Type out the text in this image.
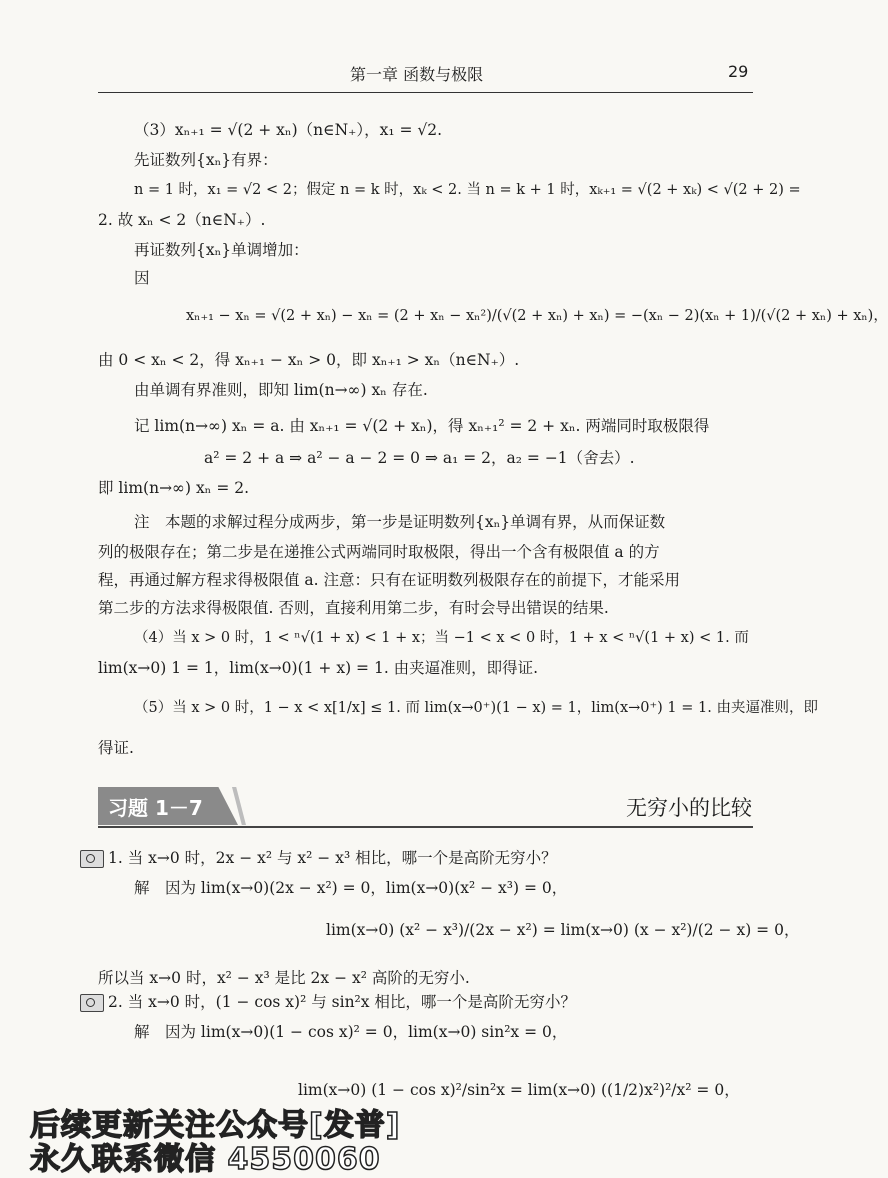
第一章 函数与极限	29
（3）xₙ₊₁ = √(2 + xₙ)（n∈N₊），x₁ = √2.
先证数列{xₙ}有界：
n = 1 时，x₁ = √2 < 2；假定 n = k 时，xₖ < 2. 当 n = k + 1 时，xₖ₊₁ = √(2 + xₖ) < √(2 + 2) =
2. 故 xₙ < 2（n∈N₊）.
再证数列{xₙ}单调增加：
因
xₙ₊₁ − xₙ = √(2 + xₙ) − xₙ = (2 + xₙ − xₙ²)/(√(2 + xₙ) + xₙ) = −(xₙ − 2)(xₙ + 1)/(√(2 + xₙ) + xₙ)，
由 0 < xₙ < 2，得 xₙ₊₁ − xₙ > 0，即 xₙ₊₁ > xₙ（n∈N₊）.
由单调有界准则，即知 lim(n→∞) xₙ 存在.
记 lim(n→∞) xₙ = a. 由 xₙ₊₁ = √(2 + xₙ)，得 xₙ₊₁² = 2 + xₙ. 两端同时取极限得
a² = 2 + a ⇒ a² − a − 2 = 0 ⇒ a₁ = 2，a₂ = −1（舍去）.
即 lim(n→∞) xₙ = 2.
注　本题的求解过程分成两步，第一步是证明数列{xₙ}单调有界，从而保证数
列的极限存在；第二步是在递推公式两端同时取极限，得出一个含有极限值 a 的方
程，再通过解方程求得极限值 a. 注意：只有在证明数列极限存在的前提下，才能采用
第二步的方法求得极限值. 否则，直接利用第二步，有时会导出错误的结果.
（4）当 x > 0 时，1 < ⁿ√(1 + x) < 1 + x；当 −1 < x < 0 时，1 + x < ⁿ√(1 + x) < 1. 而
lim(x→0) 1 = 1，lim(x→0)(1 + x) = 1. 由夹逼准则，即得证.
（5）当 x > 0 时，1 − x < x[1/x] ≤ 1. 而 lim(x→0⁺)(1 − x) = 1，lim(x→0⁺) 1 = 1. 由夹逼准则，即
得证.
习题 1－7	无穷小的比较
1. 当 x→0 时，2x − x² 与 x² − x³ 相比，哪一个是高阶无穷小？
解　因为 lim(x→0)(2x − x²) = 0，lim(x→0)(x² − x³) = 0，
lim(x→0) (x² − x³)/(2x − x²) = lim(x→0) (x − x²)/(2 − x) = 0，
所以当 x→0 时，x² − x³ 是比 2x − x² 高阶的无穷小.
2. 当 x→0 时，(1 − cos x)² 与 sin²x 相比，哪一个是高阶无穷小？
解　因为 lim(x→0)(1 − cos x)² = 0，lim(x→0) sin²x = 0，
lim(x→0) (1 − cos x)²/sin²x = lim(x→0) ((1/2)x²)²/x² = 0，
后续更新关注公众号[发普]
永久联系微信 4550060
